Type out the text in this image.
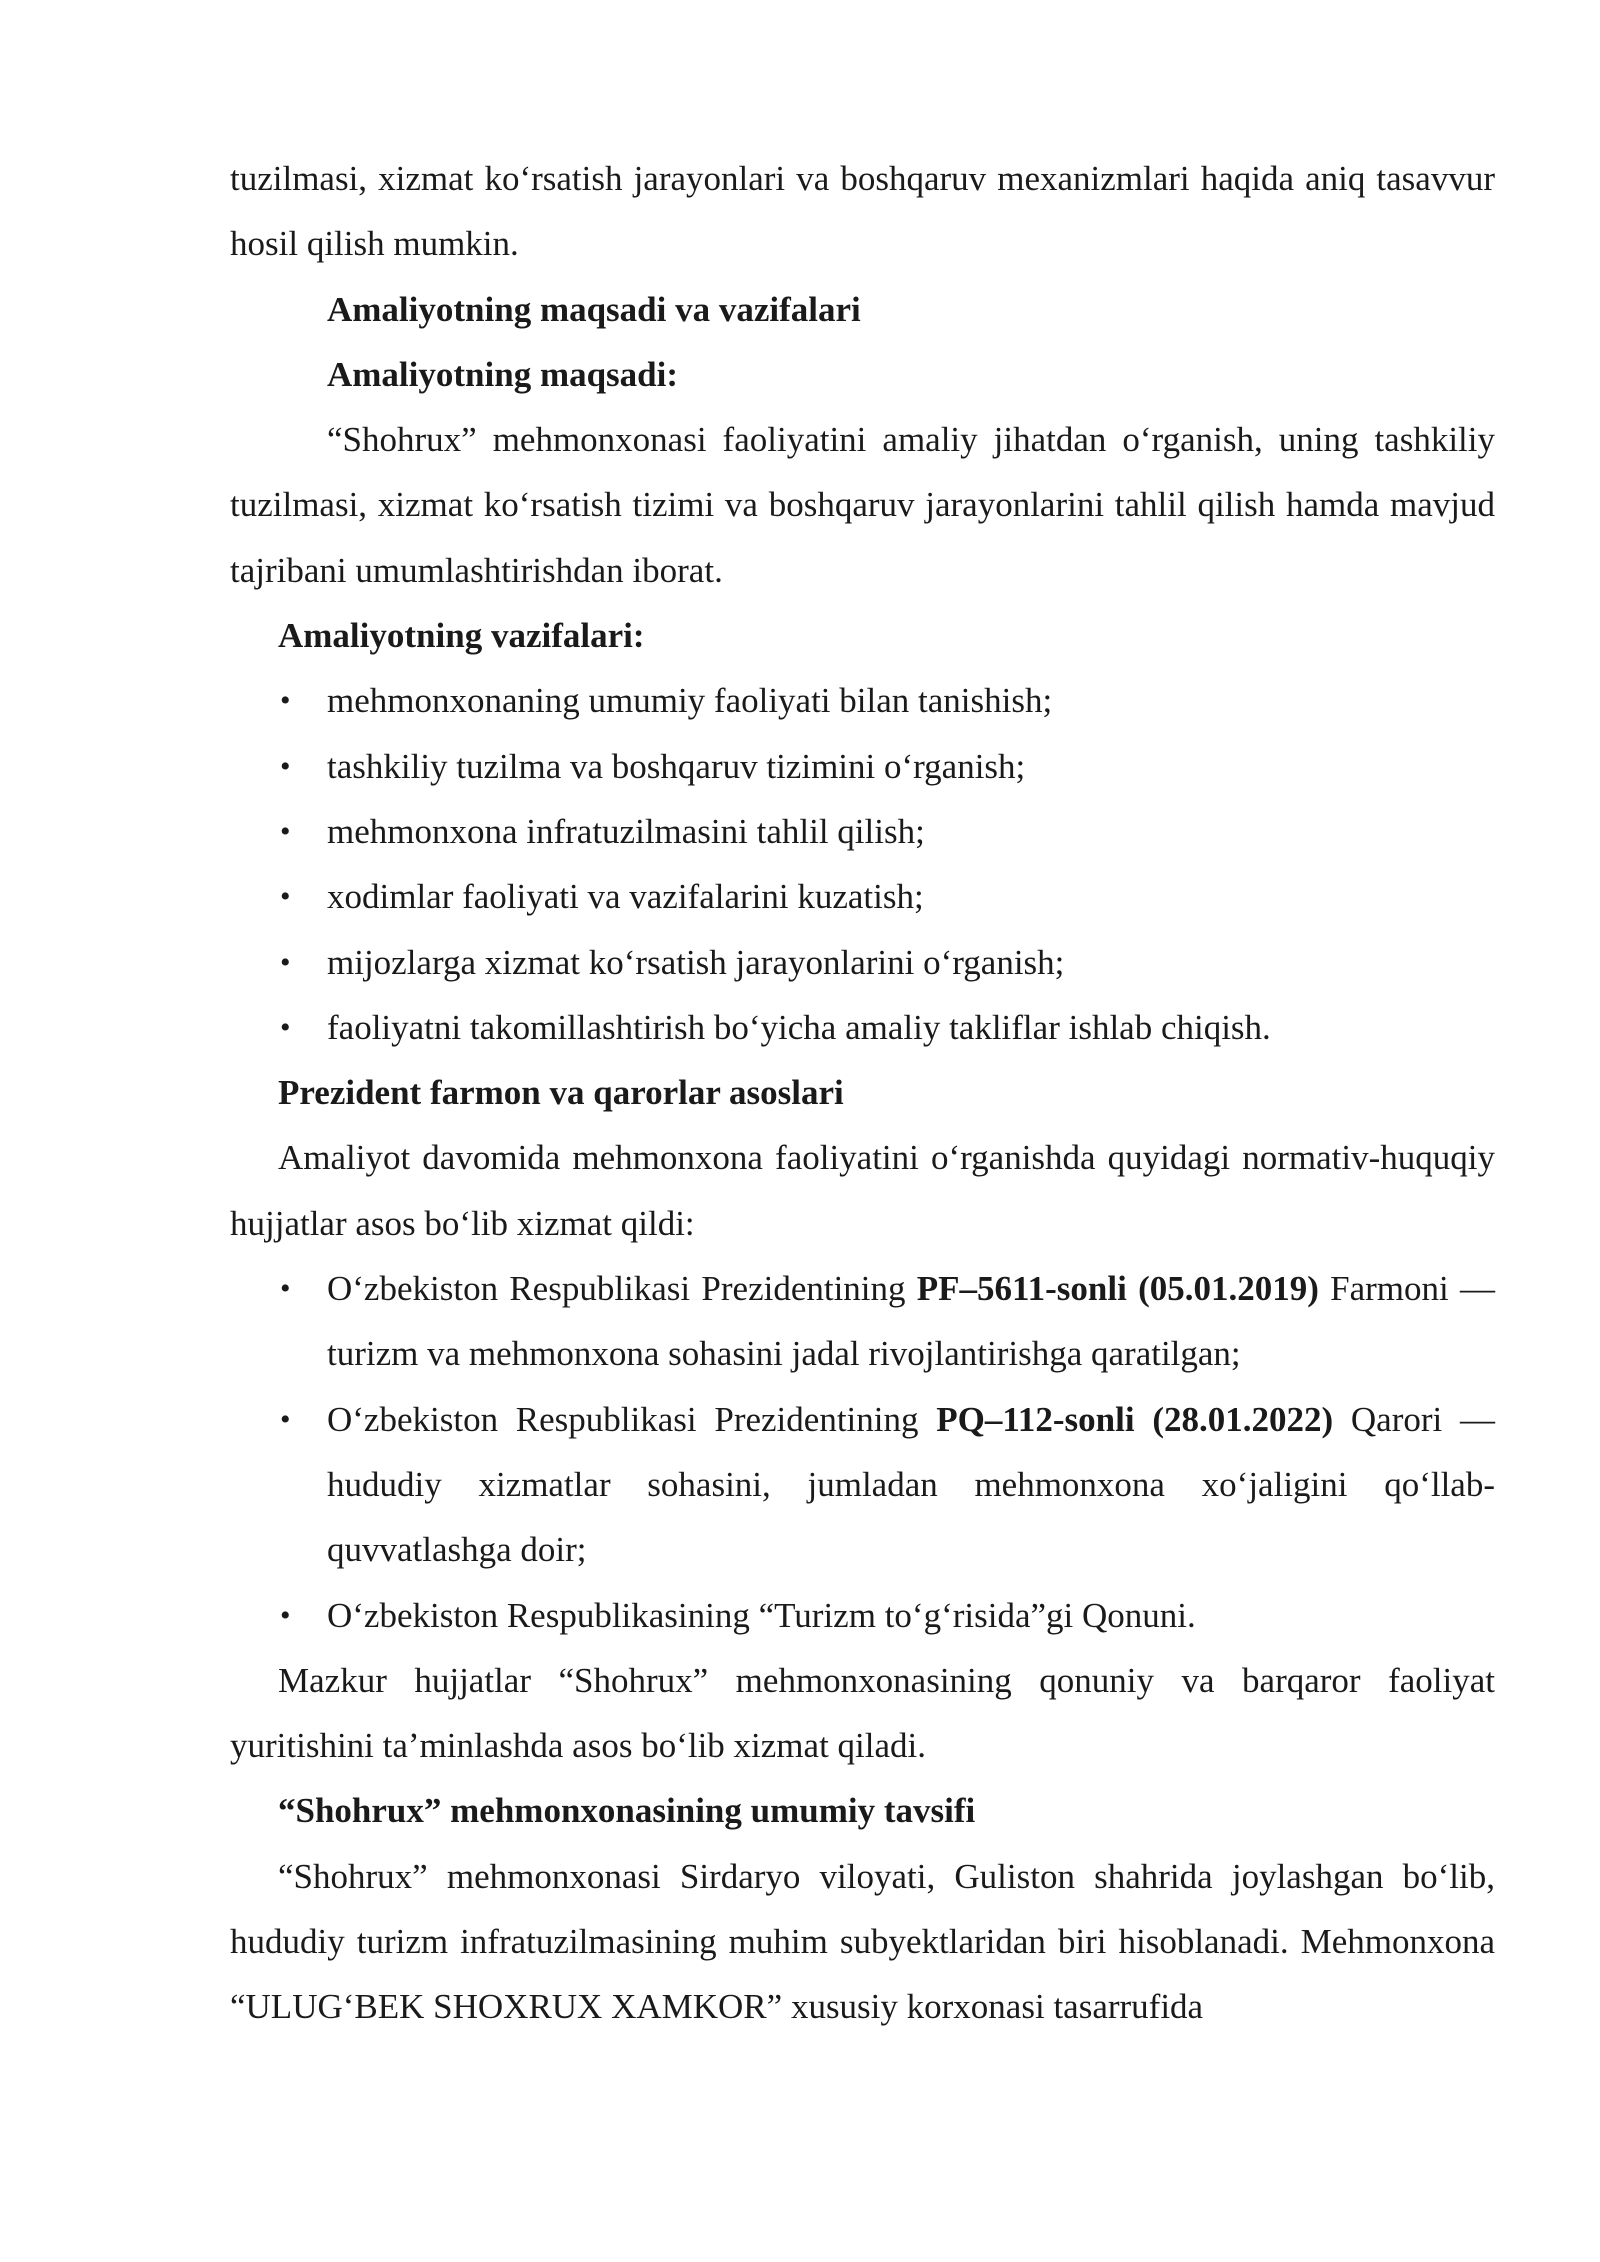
tuzilmasi, xizmat koʻrsatish jarayonlari va boshqaruv mexanizmlari haqida aniq tasavvur hosil qilish mumkin.

Amaliyotning maqsadi va vazifalari

Amaliyotning maqsadi:

“Shohrux” mehmonxonasi faoliyatini amaliy jihatdan oʻrganish, uning tashkiliy tuzilmasi, xizmat koʻrsatish tizimi va boshqaruv jarayonlarini tahlil qilish hamda mavjud tajribani umumlashtirishdan iborat.

Amaliyotning vazifalari:

• mehmonxonaning umumiy faoliyati bilan tanishish;
• tashkiliy tuzilma va boshqaruv tizimini oʻrganish;
• mehmonxona infratuzilmasini tahlil qilish;
• xodimlar faoliyati va vazifalarini kuzatish;
• mijozlarga xizmat koʻrsatish jarayonlarini oʻrganish;
• faoliyatni takomillashtirish boʻyicha amaliy takliflar ishlab chiqish.

Prezident farmon va qarorlar asoslari

Amaliyot davomida mehmonxona faoliyatini oʻrganishda quyidagi normativ-huquqiy hujjatlar asos boʻlib xizmat qildi:

• Oʻzbekiston Respublikasi Prezidentining PF–5611-sonli (05.01.2019) Farmoni — turizm va mehmonxona sohasini jadal rivojlantirishga qaratilgan;
• Oʻzbekiston Respublikasi Prezidentining PQ–112-sonli (28.01.2022) Qarori — hududiy xizmatlar sohasini, jumladan mehmonxona xoʻjaligini qoʻllab-quvvatlashga doir;
• Oʻzbekiston Respublikasining “Turizm toʻgʻrisida”gi Qonuni.

Mazkur hujjatlar “Shohrux” mehmonxonasining qonuniy va barqaror faoliyat yuritishini taʼminlashda asos boʻlib xizmat qiladi.

“Shohrux” mehmonxonasining umumiy tavsifi

“Shohrux” mehmonxonasi Sirdaryo viloyati, Guliston shahrida joylashgan boʻlib, hududiy turizm infratuzilmasining muhim subyektlaridan biri hisoblanadi. Mehmonxona “ULUGʻBEK SHOXRUX XAMKOR” xususiy korxonasi tasarrufida
